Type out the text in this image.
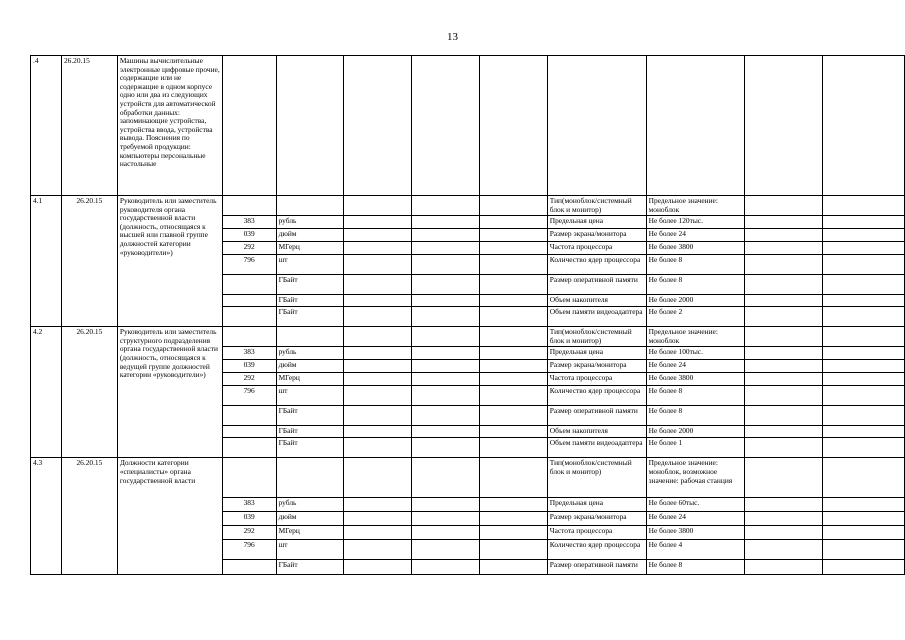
13
.4	26.20.15	Машины вычислительные электронные цифровые прочие, содержащие или не содержащие в одном корпусе одно или два из следующих устройств для автоматической обработки данных: запоминающие устройства, устройства ввода, устройства вывода. Пояснения по требуемой продукции: компьютеры персональные настольные									
4.1	26.20.15	Руководитель или заместитель руководителя органа государственной власти (должность, относящаяся к высшей или главной группе должностей категории «руководители»)						Тип(моноблок/системный блок и монитор)	Предельное значение: моноблок		
			383	рубль				Предельная цена	Не более 120тыс.		
			039	дюйм				Размер экрана/монитора	Не более 24		
			292	МГерц				Частота процессора	Не более 3800		
			796	шт				Количество ядер процессора	Не более 8		
				ГБайт				Размер оперативной памяти	Не более 8		
				ГБайт				Объем накопителя	Не более 2000		
				ГБайт				Объем памяти видеоадаптера	Не более 2		
4.2	26.20.15	Руководитель или заместитель структурного подразделения органа государственной власти (должность, относящаяся к ведущей группе должностей категории «руководители»)						Тип(моноблок/системный блок и монитор)	Предельное значение: моноблок		
			383	рубль				Предельная цена	Не более 100тыс.		
			039	дюйм				Размер экрана/монитора	Не более 24		
			292	МГерц				Частота процессора	Не более 3800		
			796	шт				Количество ядер процессора	Не более 8		
				ГБайт				Размер оперативной памяти	Не более 8		
				ГБайт				Объем накопителя	Не более 2000		
				ГБайт				Объем памяти видеоадаптера	Не более 1		
4.3	26.20.15	Должности категории «специалисты» органа государственной власти						Тип(моноблок/системный блок и монитор)	Предельное значение: моноблок, возможное значение: рабочая станция		
			383	рубль				Предельная цена	Не более 60тыс.		
			039	дюйм				Размер экрана/монитора	Не более 24		
			292	МГерц				Частота процессора	Не более 3800		
			796	шт				Количество ядер процессора	Не более 4		
				ГБайт				Размер оперативной памяти	Не более 8		
